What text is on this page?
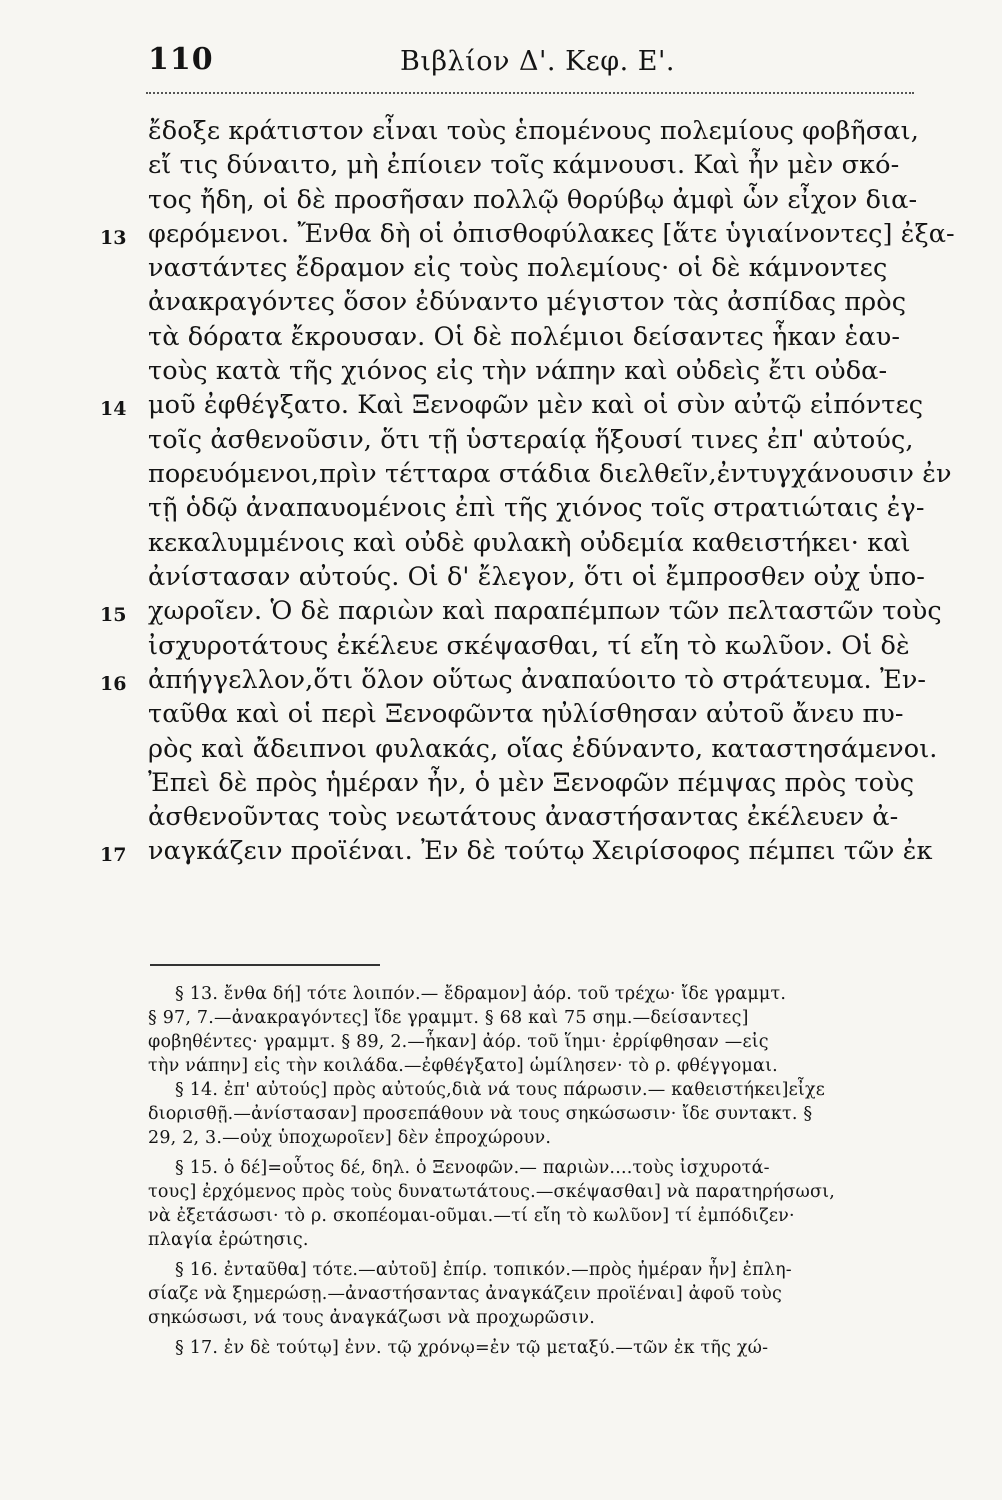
110	Βιβλίον Δ'. Κεφ. Ε'.
ἔδοξε κράτιστον εἶναι τοὺς ἑπομένους πολεμίους φοβῆσαι,
εἴ τις δύναιτο, μὴ ἐπίοιεν τοῖς κάμνουσι. Καὶ ἦν μὲν σκό-
τος ἤδη, οἱ δὲ προσῆσαν πολλῷ θορύβῳ ἀμφὶ ὧν εἶχον δια-
13 φερόμενοι. Ἔνθα δὴ οἱ ὀπισθοφύλακες [ἅτε ὑγιαίνοντες] ἐξα-
ναστάντες ἔδραμον εἰς τοὺς πολεμίους· οἱ δὲ κάμνοντες
ἀνακραγόντες ὅσον ἐδύναντο μέγιστον τὰς ἀσπίδας πρὸς
τὰ δόρατα ἔκρουσαν. Οἱ δὲ πολέμιοι δείσαντες ἧκαν ἑαυ-
τοὺς κατὰ τῆς χιόνος εἰς τὴν νάπην καὶ οὐδεὶς ἔτι οὐδα-
14 μοῦ ἐφθέγξατο. Καὶ Ξενοφῶν μὲν καὶ οἱ σὺν αὐτῷ εἰπόντες
τοῖς ἀσθενοῦσιν, ὅτι τῇ ὑστεραίᾳ ἥξουσί τινες ἐπ' αὐτούς,
πορευόμενοι,πρὶν τέτταρα στάδια διελθεῖν,ἐντυγχάνουσιν ἐν
τῇ ὁδῷ ἀναπαυομένοις ἐπὶ τῆς χιόνος τοῖς στρατιώταις ἐγ-
κεκαλυμμένοις καὶ οὐδὲ φυλακὴ οὐδεμία καθειστήκει· καὶ
ἀνίστασαν αὐτούς. Οἱ δ' ἔλεγον, ὅτι οἱ ἔμπροσθεν οὐχ ὑπο-
15 χωροῖεν. Ὁ δὲ παριὼν καὶ παραπέμπων τῶν πελταστῶν τοὺς
ἰσχυροτάτους ἐκέλευε σκέψασθαι, τί εἴη τὸ κωλῦον. Οἱ δὲ
16 ἀπήγγελλον,ὅτι ὅλον οὕτως ἀναπαύοιτο τὸ στράτευμα. Ἐν-
ταῦθα καὶ οἱ περὶ Ξενοφῶντα ηὐλίσθησαν αὐτοῦ ἄνευ πυ-
ρὸς καὶ ἄδειπνοι φυλακάς, οἵας ἐδύναντο, καταστησάμενοι.
Ἐπεὶ δὲ πρὸς ἡμέραν ἦν, ὁ μὲν Ξενοφῶν πέμψας πρὸς τοὺς
ἀσθενοῦντας τοὺς νεωτάτους ἀναστήσαντας ἐκέλευεν ἀ-
17 ναγκάζειν προϊέναι. Ἐν δὲ τούτῳ Χειρίσοφος πέμπει τῶν ἐκ
§ 13. ἔνθα δή] τότε λοιπόν.— ἔδραμον] ἀόρ. τοῦ τρέχω· ἴδε γραμμτ.
§ 97, 7.—ἀνακραγόντες] ἴδε γραμμτ. § 68 καὶ 75 σημ.—δείσαντες]
φοβηθέντες· γραμμτ. § 89, 2.—ἧκαν] ἀόρ. τοῦ ἵημι· ἐρρίφθησαν —εἰς
τὴν νάπην] εἰς τὴν κοιλάδα.—ἐφθέγξατο] ὡμίλησεν· τὸ ρ. φθέγγομαι.
§ 14. ἐπ' αὐτούς] πρὸς αὐτούς,διὰ νά τους πάρωσιν.— καθειστήκει]εἶχε
διορισθῇ.—ἀνίστασαν] προσεπάθουν νὰ τους σηκώσωσιν· ἴδε συντακτ. §
29, 2, 3.—οὐχ ὑποχωροῖεν] δὲν ἐπροχώρουν.
§ 15. ὁ δέ]=οὗτος δέ, δηλ. ὁ Ξενοφῶν.— παριὼν....τοὺς ἰσχυροτά-
τους] ἐρχόμενος πρὸς τοὺς δυνατωτάτους.—σκέψασθαι] νὰ παρατηρήσωσι,
νὰ ἐξετάσωσι· τὸ ρ. σκοπέομαι-οῦμαι.—τί εἴη τὸ κωλῦον] τί ἐμπόδιζεν·
πλαγία ἐρώτησις.
§ 16. ἐνταῦθα] τότε.—αὐτοῦ] ἐπίρ. τοπικόν.—πρὸς ἡμέραν ἦν] ἐπλη-
σίαζε νὰ ξημερώσῃ.—ἀναστήσαντας ἀναγκάζειν προϊέναι] ἀφοῦ τοὺς
σηκώσωσι, νά τους ἀναγκάζωσι νὰ προχωρῶσιν.
§ 17. ἐν δὲ τούτῳ] ἐνν. τῷ χρόνῳ=ἐν τῷ μεταξύ.—τῶν ἐκ τῆς χώ-
